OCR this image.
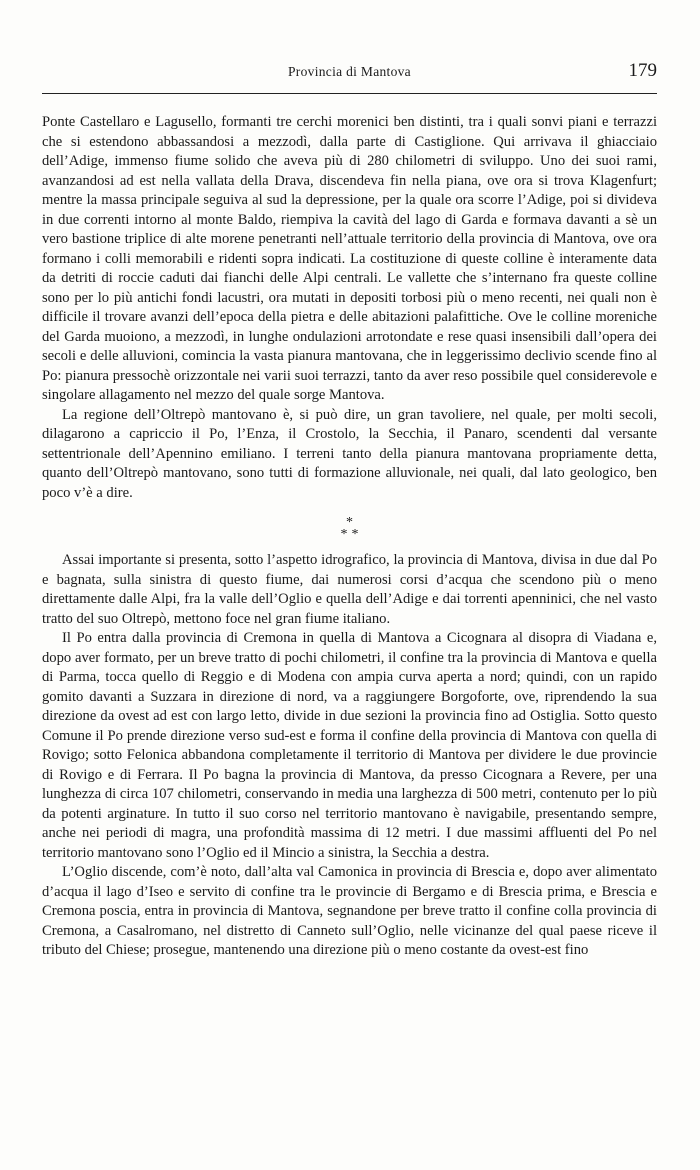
Provincia di Mantova	179

Ponte Castellaro e Lagusello, formanti tre cerchi morenici ben distinti, tra i quali sonvi piani e terrazzi che si estendono abbassandosi a mezzodì, dalla parte di Castiglione. Qui arrivava il ghiacciaio dell’Adige, immenso fiume solido che aveva più di 280 chilometri di sviluppo. Uno dei suoi rami, avanzandosi ad est nella vallata della Drava, discendeva fin nella piana, ove ora si trova Klagenfurt; mentre la massa principale seguiva al sud la depressione, per la quale ora scorre l’Adige, poi si divideva in due correnti intorno al monte Baldo, riempiva la cavità del lago di Garda e formava davanti a sè un vero bastione triplice di alte morene penetranti nell’attuale territorio della provincia di Mantova, ove ora formano i colli memorabili e ridenti sopra indicati. La costituzione di queste colline è interamente data da detriti di roccie caduti dai fianchi delle Alpi centrali. Le vallette che s’internano fra queste colline sono per lo più antichi fondi lacustri, ora mutati in depositi torbosi più o meno recenti, nei quali non è difficile il trovare avanzi dell’epoca della pietra e delle abitazioni palafittiche. Ove le colline moreniche del Garda muoiono, a mezzodì, in lunghe ondulazioni arrotondate e rese quasi insensibili dall’opera dei secoli e delle alluvioni, comincia la vasta pianura mantovana, che in leggerissimo declivio scende fino al Po: pianura pressochè orizzontale nei varii suoi terrazzi, tanto da aver reso possibile quel considerevole e singolare allagamento nel mezzo del quale sorge Mantova.

La regione dell’Oltrepò mantovano è, si può dire, un gran tavoliere, nel quale, per molti secoli, dilagarono a capriccio il Po, l’Enza, il Crostolo, la Secchia, il Panaro, scendenti dal versante settentrionale dell’Apennino emiliano. I terreni tanto della pianura mantovana propriamente detta, quanto dell’Oltrepò mantovano, sono tutti di formazione alluvionale, nei quali, dal lato geologico, ben poco v’è a dire.

*
**

Assai importante si presenta, sotto l’aspetto idrografico, la provincia di Mantova, divisa in due dal Po e bagnata, sulla sinistra di questo fiume, dai numerosi corsi d’acqua che scendono più o meno direttamente dalle Alpi, fra la valle dell’Oglio e quella dell’Adige e dai torrenti apenninici, che nel vasto tratto del suo Oltrepò, mettono foce nel gran fiume italiano.

Il Po entra dalla provincia di Cremona in quella di Mantova a Cicognara al disopra di Viadana e, dopo aver formato, per un breve tratto di pochi chilometri, il confine tra la provincia di Mantova e quella di Parma, tocca quello di Reggio e di Modena con ampia curva aperta a nord; quindi, con un rapido gomito davanti a Suzzara in direzione di nord, va a raggiungere Borgoforte, ove, riprendendo la sua direzione da ovest ad est con largo letto, divide in due sezioni la provincia fino ad Ostiglia. Sotto questo Comune il Po prende direzione verso sud-est e forma il confine della provincia di Mantova con quella di Rovigo; sotto Felonica abbandona completamente il territorio di Mantova per dividere le due provincie di Rovigo e di Ferrara. Il Po bagna la provincia di Mantova, da presso Cicognara a Revere, per una lunghezza di circa 107 chilometri, conservando in media una larghezza di 500 metri, contenuto per lo più da potenti arginature. In tutto il suo corso nel territorio mantovano è navigabile, presentando sempre, anche nei periodi di magra, una profondità massima di 12 metri. I due massimi affluenti del Po nel territorio mantovano sono l’Oglio ed il Mincio a sinistra, la Secchia a destra.

L’Oglio discende, com’è noto, dall’alta val Camonica in provincia di Brescia e, dopo aver alimentato d’acqua il lago d’Iseo e servito di confine tra le provincie di Bergamo e di Brescia prima, e Brescia e Cremona poscia, entra in provincia di Mantova, segnandone per breve tratto il confine colla provincia di Cremona, a Casalromano, nel distretto di Canneto sull’Oglio, nelle vicinanze del qual paese riceve il tributo del Chiese; prosegue, mantenendo una direzione più o meno costante da ovest-est fino
